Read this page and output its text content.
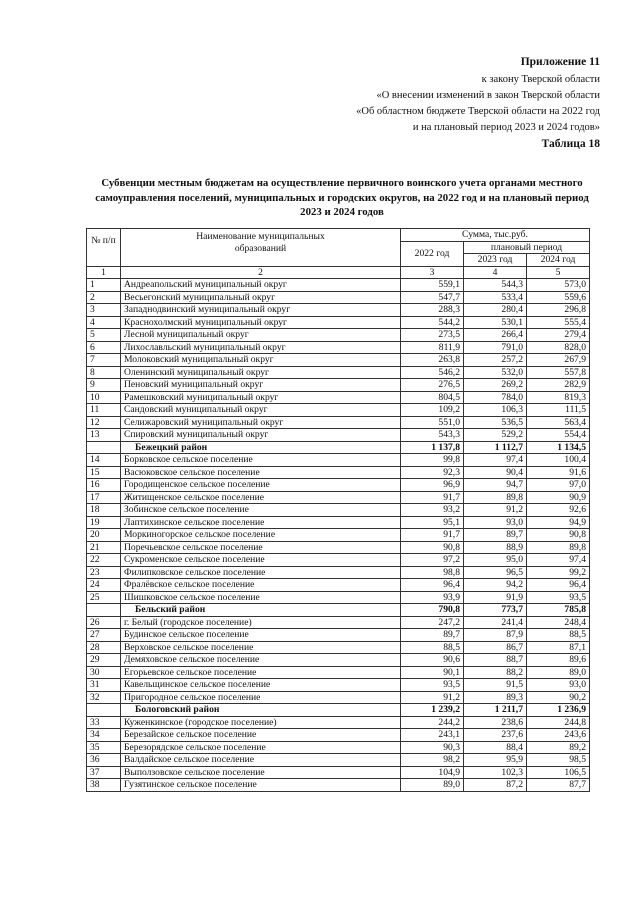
Приложение 11
к закону Тверской области
«О внесении изменений в закон Тверской области
«Об областном бюджете Тверской области на 2022 год
и на плановый период 2023 и 2024 годов»
Таблица 18
Субвенции местным бюджетам на осуществление первичного воинского учета органами местного
самоуправления поселений, муниципальных и городских округов, на 2022 год и на плановый период
2023 и 2024 годов
№ п/п	Наименование муниципальных образований	Сумма, тыс.руб.		
		2022 год	плановый период	
			2023 год	2024 год
1	2	3	4	5
1	Андреапольский муниципальный округ	559,1	544,3	573,0
2	Весьегонский муниципальный округ	547,7	533,4	559,6
3	Западнодвинский муниципальный округ	288,3	280,4	296,8
4	Краснохолмский муниципальный округ	544,2	530,1	555,4
5	Лесной муниципальный округ	273,5	266,4	279,4
6	Лихославльский муниципальный округ	811,9	791,0	828,0
7	Молоковский муниципальный округ	263,8	257,2	267,9
8	Оленинский муниципальный округ	546,2	532,0	557,8
9	Пеновский муниципальный округ	276,5	269,2	282,9
10	Рамешковский муниципальный округ	804,5	784,0	819,3
11	Сандовский муниципальный округ	109,2	106,3	111,5
12	Селижаровский муниципальный округ	551,0	536,5	563,4
13	Спировский муниципальный округ	543,3	529,2	554,4
	Бежецкий район	1 137,8	1 112,7	1 134,5
14	Борковское сельское поселение	99,8	97,4	100,4
15	Васюковское сельское поселение	92,3	90,4	91,6
16	Городищенское сельское поселение	96,9	94,7	97,0
17	Житищенское сельское поселение	91,7	89,8	90,9
18	Зобинское сельское поселение	93,2	91,2	92,6
19	Лаптихинское сельское поселение	95,1	93,0	94,9
20	Моркиногорское сельское поселение	91,7	89,7	90,8
21	Поречьевское сельское поселение	90,8	88,9	89,8
22	Сукроменское сельское поселение	97,2	95,0	97,4
23	Филипковское сельское поселение	98,8	96,5	99,2
24	Фралёвское сельское поселение	96,4	94,2	96,4
25	Шишковское сельское поселение	93,9	91,9	93,5
	Бельский район	790,8	773,7	785,8
26	г. Белый (городское поселение)	247,2	241,4	248,4
27	Будинское сельское поселение	89,7	87,9	88,5
28	Верховское сельское поселение	88,5	86,7	87,1
29	Демяховское сельское поселение	90,6	88,7	89,6
30	Егорьевское сельское поселение	90,1	88,2	89,0
31	Кавельщинское сельское поселение	93,5	91,5	93,0
32	Пригородное сельское поселение	91,2	89,3	90,2
	Бологовский район	1 239,2	1 211,7	1 236,9
33	Куженкинское (городское поселение)	244,2	238,6	244,8
34	Березайское сельское поселение	243,1	237,6	243,6
35	Березорядское сельское поселение	90,3	88,4	89,2
36	Валдайское сельское поселение	98,2	95,9	98,5
37	Выползовское сельское поселение	104,9	102,3	106,5
38	Гузятинское сельское поселение	89,0	87,2	87,7
